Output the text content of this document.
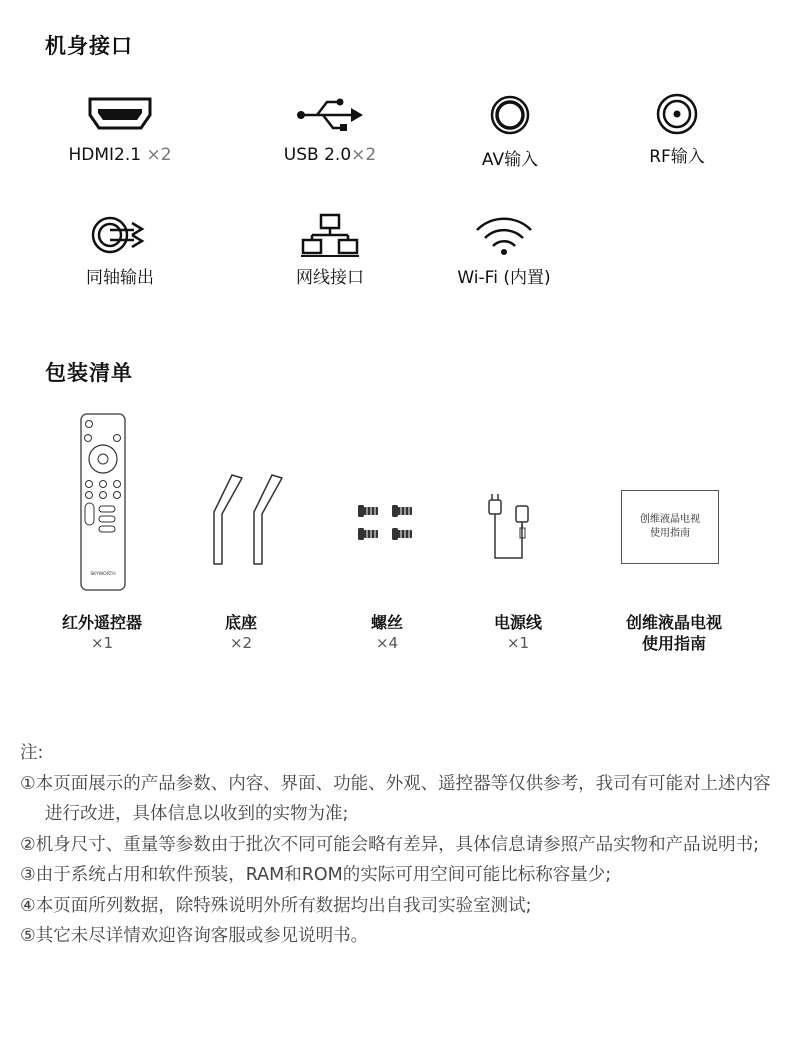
机身接口
HDMI2.1 ×2	USB 2.0×2	AV输入	RF输入
同轴输出	网线接口	Wi-Fi (内置)
包装清单
SKYWORTH
创维液晶电视
使用指南
红外遥控器
×1
底座
×2
螺丝
×4
电源线
×1
创维液晶电视
使用指南
注:
①本页面展示的产品参数、内容、界面、功能、外观、遥控器等仅供参考，我司有可能对上述内容进行改进，具体信息以收到的实物为准;
②机身尺寸、重量等参数由于批次不同可能会略有差异，具体信息请参照产品实物和产品说明书;
③由于系统占用和软件预装，RAM和ROM的实际可用空间可能比标称容量少;
④本页面所列数据，除特殊说明外所有数据均出自我司实验室测试;
⑤其它未尽详情欢迎咨询客服或参见说明书。
